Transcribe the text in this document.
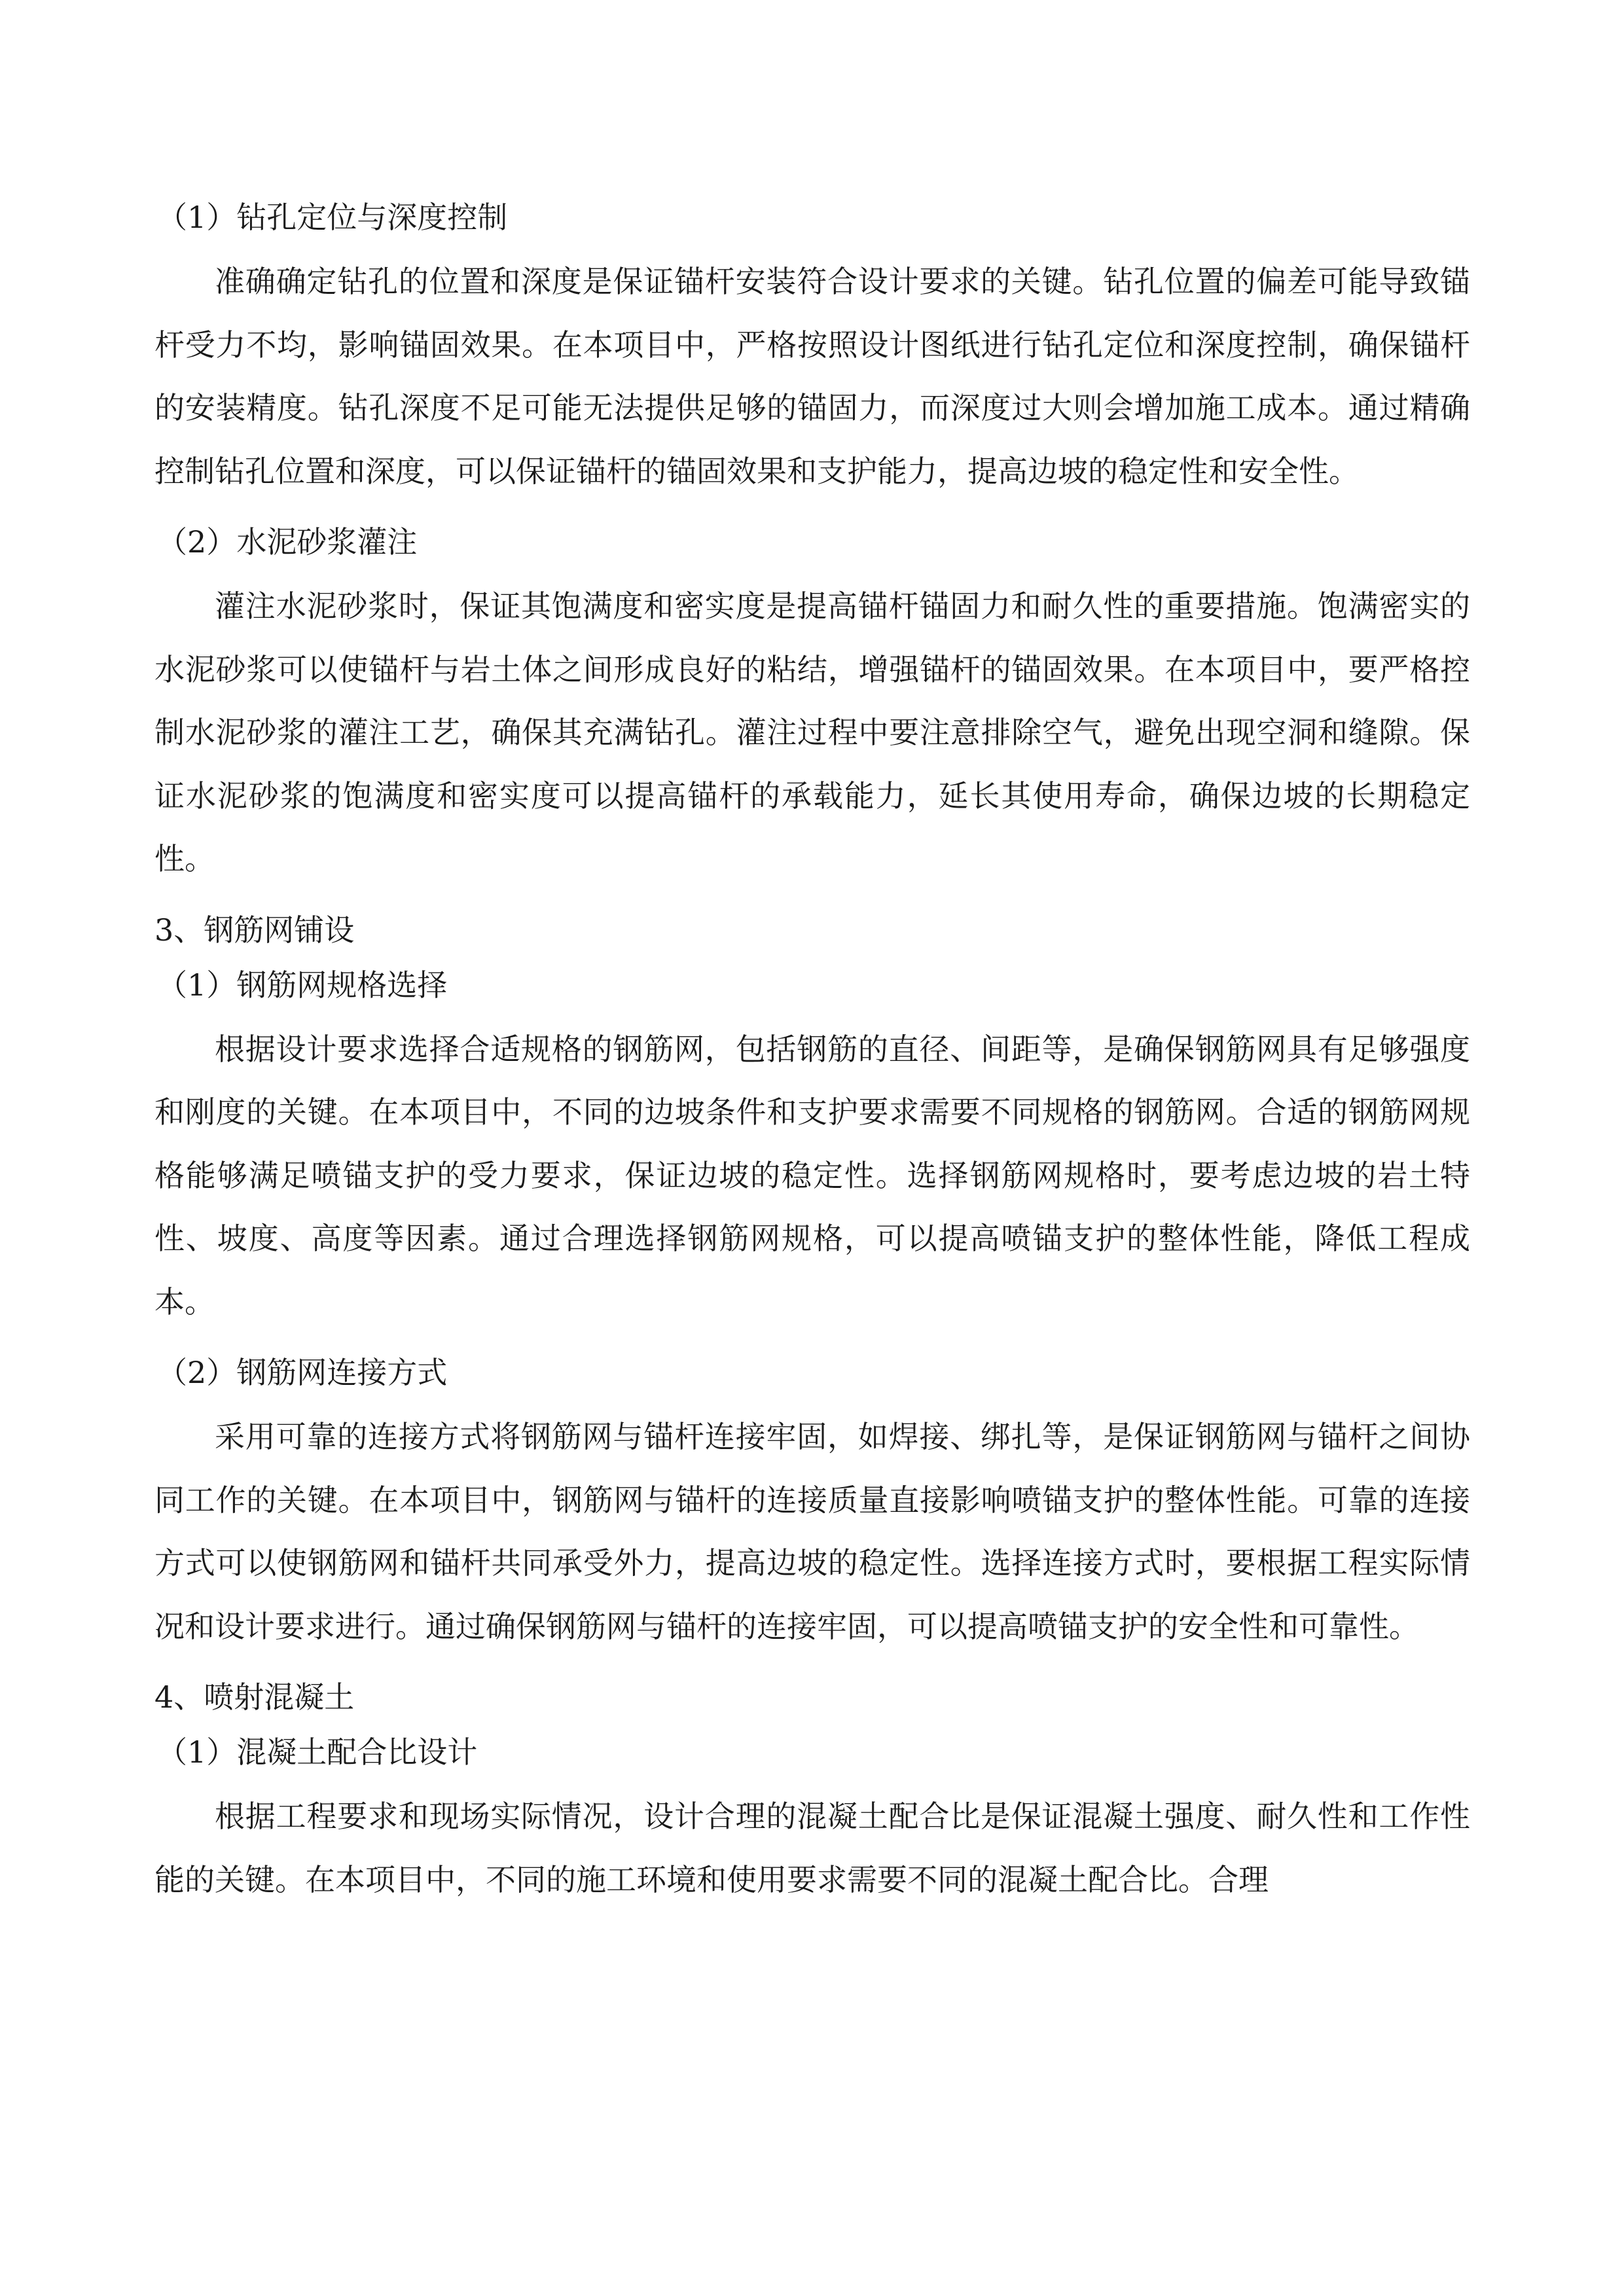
（1）钻孔定位与深度控制

准确确定钻孔的位置和深度是保证锚杆安装符合设计要求的关键。钻孔位置的偏差可能导致锚杆受力不均，影响锚固效果。在本项目中，严格按照设计图纸进行钻孔定位和深度控制，确保锚杆的安装精度。钻孔深度不足可能无法提供足够的锚固力，而深度过大则会增加施工成本。通过精确控制钻孔位置和深度，可以保证锚杆的锚固效果和支护能力，提高边坡的稳定性和安全性。

（2）水泥砂浆灌注

灌注水泥砂浆时，保证其饱满度和密实度是提高锚杆锚固力和耐久性的重要措施。饱满密实的水泥砂浆可以使锚杆与岩土体之间形成良好的粘结，增强锚杆的锚固效果。在本项目中，要严格控制水泥砂浆的灌注工艺，确保其充满钻孔。灌注过程中要注意排除空气，避免出现空洞和缝隙。保证水泥砂浆的饱满度和密实度可以提高锚杆的承载能力，延长其使用寿命，确保边坡的长期稳定性。

3、钢筋网铺设

（1）钢筋网规格选择

根据设计要求选择合适规格的钢筋网，包括钢筋的直径、间距等，是确保钢筋网具有足够强度和刚度的关键。在本项目中，不同的边坡条件和支护要求需要不同规格的钢筋网。合适的钢筋网规格能够满足喷锚支护的受力要求，保证边坡的稳定性。选择钢筋网规格时，要考虑边坡的岩土特性、坡度、高度等因素。通过合理选择钢筋网规格，可以提高喷锚支护的整体性能，降低工程成本。

（2）钢筋网连接方式

采用可靠的连接方式将钢筋网与锚杆连接牢固，如焊接、绑扎等，是保证钢筋网与锚杆之间协同工作的关键。在本项目中，钢筋网与锚杆的连接质量直接影响喷锚支护的整体性能。可靠的连接方式可以使钢筋网和锚杆共同承受外力，提高边坡的稳定性。选择连接方式时，要根据工程实际情况和设计要求进行。通过确保钢筋网与锚杆的连接牢固，可以提高喷锚支护的安全性和可靠性。

4、喷射混凝土

（1）混凝土配合比设计

根据工程要求和现场实际情况，设计合理的混凝土配合比是保证混凝土强度、耐久性和工作性能的关键。在本项目中，不同的施工环境和使用要求需要不同的混凝土配合比。合理
